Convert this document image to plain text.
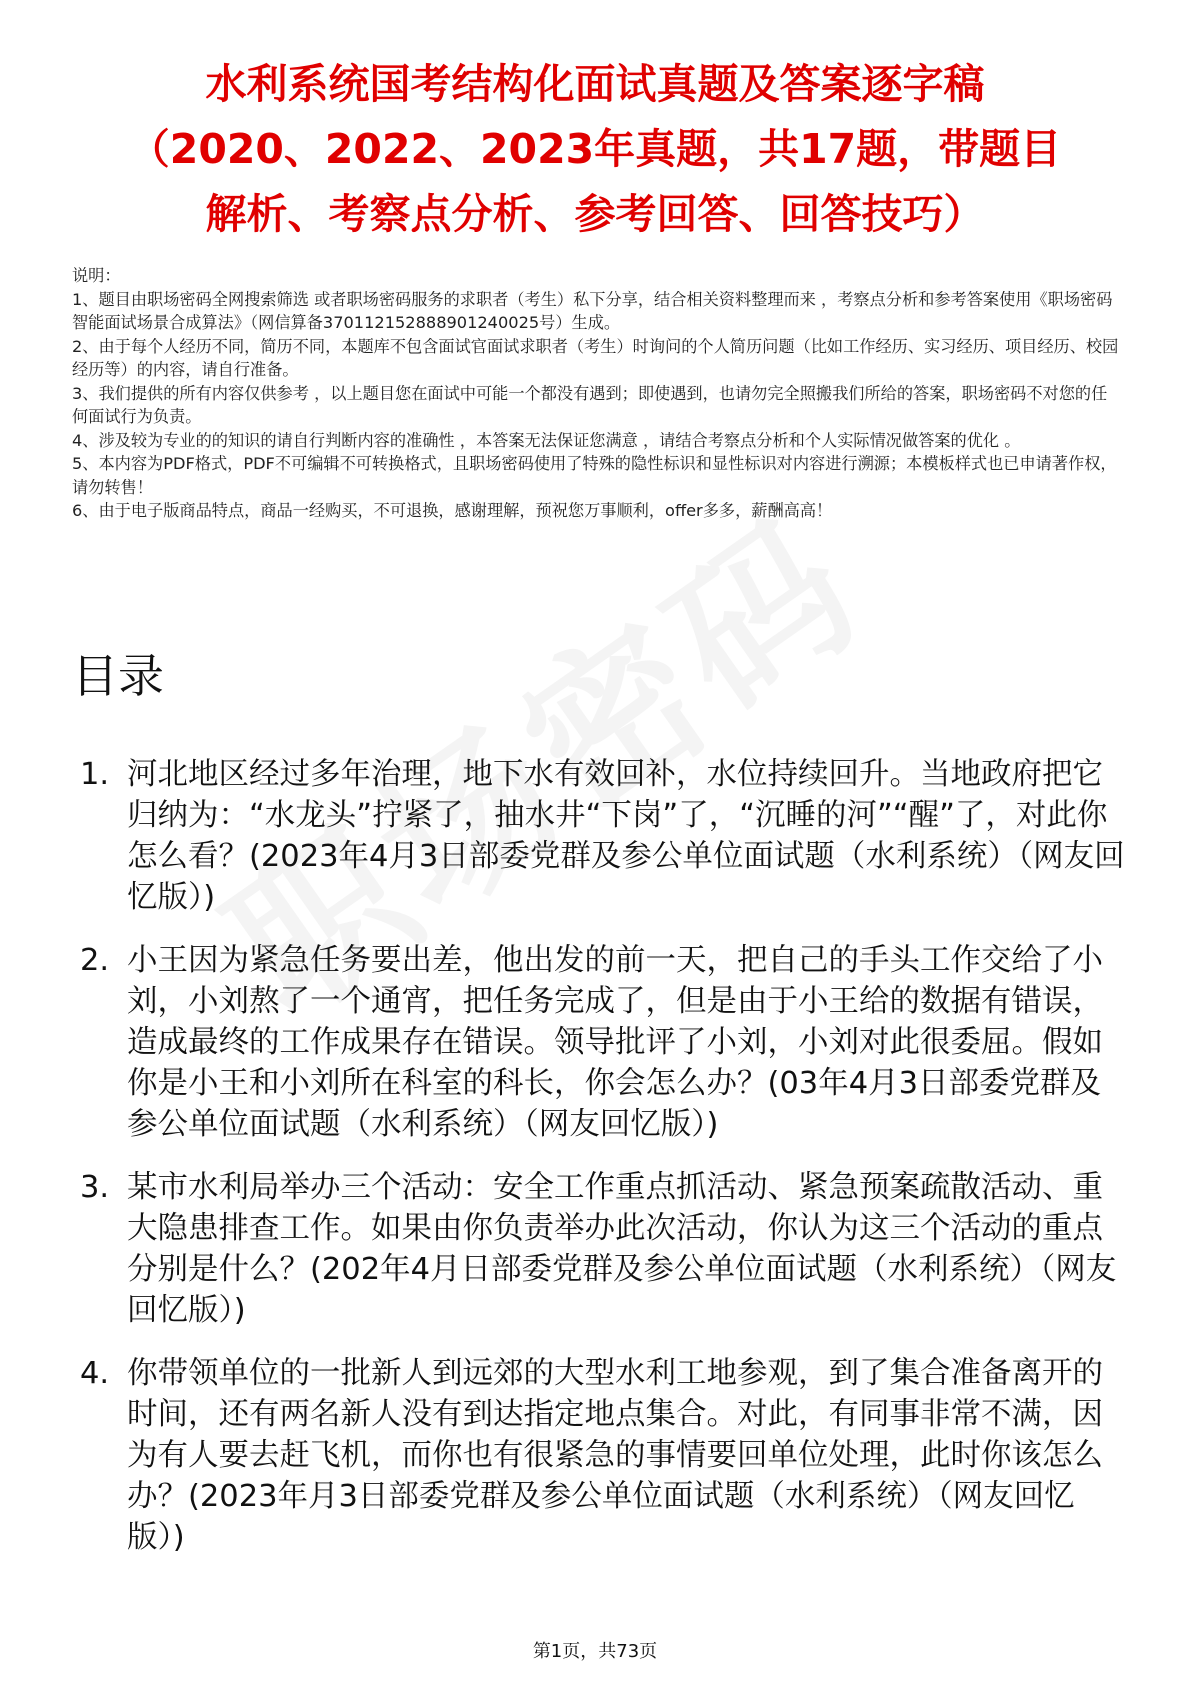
水利系统国考结构化面试真题及答案逐字稿
（2020、2022、2023年真题，共17题，带题目
解析、考察点分析、参考回答、回答技巧）
说明：
1、题目由职场密码全网搜索筛选 或者职场密码服务的求职者（考生）私下分享，结合相关资料整理而来 ，考察点分析和参考答案使用《职场密码智能面试场景合成算法》（网信算备370112152888901240025号）生成。
2、由于每个人经历不同，简历不同，本题库不包含面试官面试求职者（考生）时询问的个人简历问题（比如工作经历、实习经历、项目经历、校园经历等）的内容，请自行准备。
3、我们提供的所有内容仅供参考 ，以上题目您在面试中可能一个都没有遇到；即使遇到，也请勿完全照搬我们所给的答案，职场密码不对您的任何面试行为负责。
4、涉及较为专业的的知识的请自行判断内容的准确性 ，本答案无法保证您满意 ，请结合考察点分析和个人实际情况做答案的优化 。
5、本内容为PDF格式，PDF不可编辑不可转换格式，且职场密码使用了特殊的隐性标识和显性标识对内容进行溯源；本模板样式也已申请著作权，请勿转售！
6、由于电子版商品特点，商品一经购买，不可退换，感谢理解，预祝您万事顺利，offer多多，薪酬高高！
目录
1. 河北地区经过多年治理，地下水有效回补，水位持续回升。当地政府把它归纳为：“水龙头”拧紧了，抽水井“下岗”了，“沉睡的河”“醒”了，对此你怎么看？(2023年4月3日部委党群及参公单位面试题（水利系统）（网友回忆版）)
2. 小王因为紧急任务要出差，他出发的前一天，把自己的手头工作交给了小刘，小刘熬了一个通宵，把任务完成了，但是由于小王给的数据有错误，造成最终的工作成果存在错误。领导批评了小刘，小刘对此很委屈。假如你是小王和小刘所在科室的科长，你会怎么办？(03年4月3日部委党群及参公单位面试题（水利系统）（网友回忆版）)
3. 某市水利局举办三个活动：安全工作重点抓活动、紧急预案疏散活动、重大隐患排查工作。如果由你负责举办此次活动，你认为这三个活动的重点分别是什么？(202年4月日部委党群及参公单位面试题（水利系统）（网友回忆版）)
4. 你带领单位的一批新人到远郊的大型水利工地参观，到了集合准备离开的时间，还有两名新人没有到达指定地点集合。对此，有同事非常不满，因为有人要去赶飞机，而你也有很紧急的事情要回单位处理，此时你该怎么办？(2023年月3日部委党群及参公单位面试题（水利系统）（网友回忆版）)
第1页，共73页
